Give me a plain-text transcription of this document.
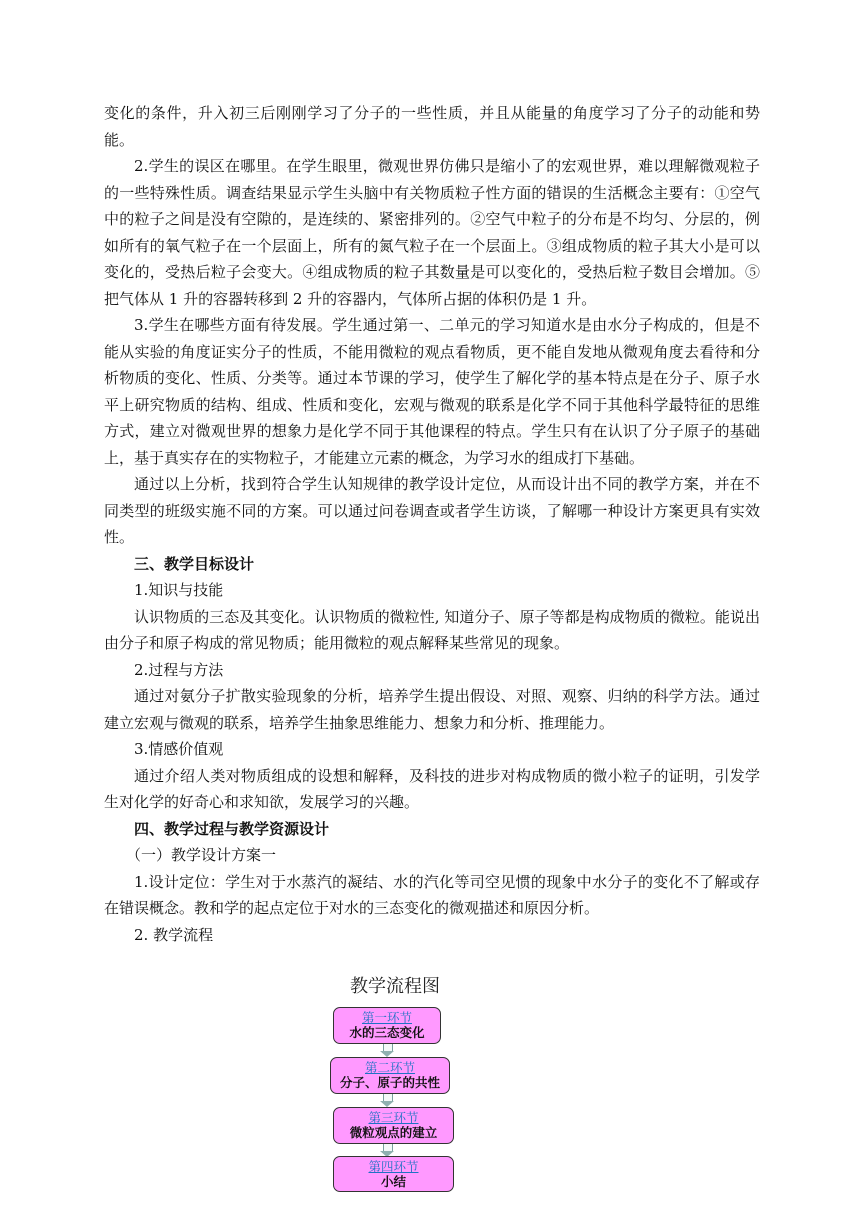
变化的条件，升入初三后刚刚学习了分子的一些性质，并且从能量的角度学习了分子的动能和势能。

2.学生的误区在哪里。在学生眼里，微观世界仿佛只是缩小了的宏观世界，难以理解微观粒子的一些特殊性质。调查结果显示学生头脑中有关物质粒子性方面的错误的生活概念主要有：①空气中的粒子之间是没有空隙的，是连续的、紧密排列的。②空气中粒子的分布是不均匀、分层的，例如所有的氧气粒子在一个层面上，所有的氮气粒子在一个层面上。③组成物质的粒子其大小是可以变化的，受热后粒子会变大。④组成物质的粒子其数量是可以变化的，受热后粒子数目会增加。⑤把气体从 1 升的容器转移到 2 升的容器内，气体所占据的体积仍是 1 升。

3.学生在哪些方面有待发展。学生通过第一、二单元的学习知道水是由水分子构成的，但是不能从实验的角度证实分子的性质，不能用微粒的观点看物质，更不能自发地从微观角度去看待和分析物质的变化、性质、分类等。通过本节课的学习，使学生了解化学的基本特点是在分子、原子水平上研究物质的结构、组成、性质和变化，宏观与微观的联系是化学不同于其他科学最特征的思维方式，建立对微观世界的想象力是化学不同于其他课程的特点。学生只有在认识了分子原子的基础上，基于真实存在的实物粒子，才能建立元素的概念，为学习水的组成打下基础。

通过以上分析，找到符合学生认知规律的教学设计定位，从而设计出不同的教学方案，并在不同类型的班级实施不同的方案。可以通过问卷调查或者学生访谈，了解哪一种设计方案更具有实效性。

三、教学目标设计

1.知识与技能

认识物质的三态及其变化。认识物质的微粒性, 知道分子、原子等都是构成物质的微粒。能说出由分子和原子构成的常见物质；能用微粒的观点解释某些常见的现象。

2.过程与方法

通过对氨分子扩散实验现象的分析，培养学生提出假设、对照、观察、归纳的科学方法。通过建立宏观与微观的联系，培养学生抽象思维能力、想象力和分析、推理能力。

3.情感价值观

通过介绍人类对物质组成的设想和解释，及科技的进步对构成物质的微小粒子的证明，引发学生对化学的好奇心和求知欲，发展学习的兴趣。

四、教学过程与教学资源设计

（一）教学设计方案一

1.设计定位：学生对于水蒸汽的凝结、水的汽化等司空见惯的现象中水分子的变化不了解或存在错误概念。教和学的起点定位于对水的三态变化的微观描述和原因分析。

2. 教学流程

教学流程图
第一环节
水的三态变化
第二环节
分子、原子的共性
第三环节
微粒观点的建立
第四环节
小结
